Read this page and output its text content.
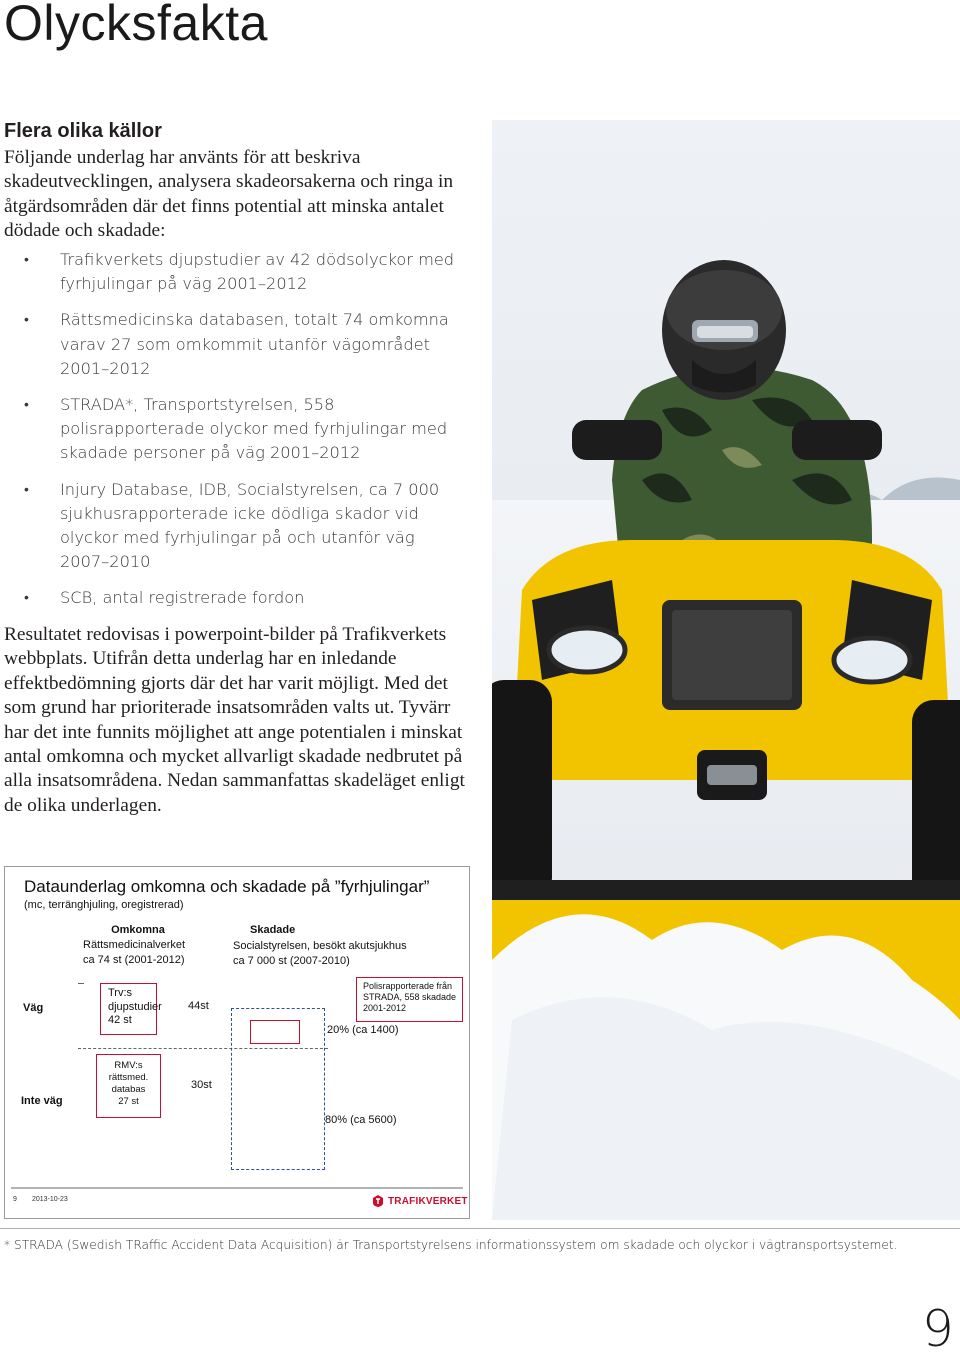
Olycksfakta
Flera olika källor
Följande underlag har använts för att beskriva skadeutvecklingen, analysera skadeorsakerna och ringa in åtgärdsområden där det finns potential att minska antalet dödade och skadade:
• Trafikverkets djupstudier av 42 dödsolyckor med fyrhjulingar på väg 2001–2012
• Rättsmedicinska databasen, totalt 74 omkomna varav 27 som omkommit utanför vägområdet 2001–2012
• STRADA*, Transportstyrelsen, 558 polisrapporterade olyckor med fyrhjulingar med skadade personer på väg 2001–2012
• Injury Database, IDB, Socialstyrelsen, ca 7 000 sjukhusrapporterade icke dödliga skador vid olyckor med fyrhjulingar på och utanför väg 2007–2010
• SCB, antal registrerade fordon
Resultatet redovisas i powerpoint-bilder på Trafikverkets webbplats. Utifrån detta underlag har en inledande effektbedömning gjorts där det har varit möjligt. Med det som grund har prioriterade insatsområden valts ut. Tyvärr har det inte funnits möjlighet att ange potentialen i minskat antal omkomna och mycket allvarligt skadade nedbrutet på alla insatsområdena. Nedan sammanfattas skadeläget enligt de olika underlagen.
Dataunderlag omkomna och skadade på ”fyrhjulingar”
(mc, terränghjuling, oregistrerad)
Omkomna
Rättsmedicinalverket
ca 74 st (2001-2012)
Skadade
Socialstyrelsen, besökt akutsjukhus
ca 7 000 st (2007-2010)
Väg
Inte väg
Trv:s
djupstudier
42 st
44st
RMV:s
rättsmed.
databas
27 st
30st
Polisrapporterade från
STRADA, 558 skadade
2001-2012
20% (ca 1400)
80% (ca 5600)
9 2013-10-23	TRAFIKVERKET
* STRADA (Swedish TRaffic Accident Data Acquisition) är Transportstyrelsens informationssystem om skadade och olyckor i vägtransportsystemet.
9
